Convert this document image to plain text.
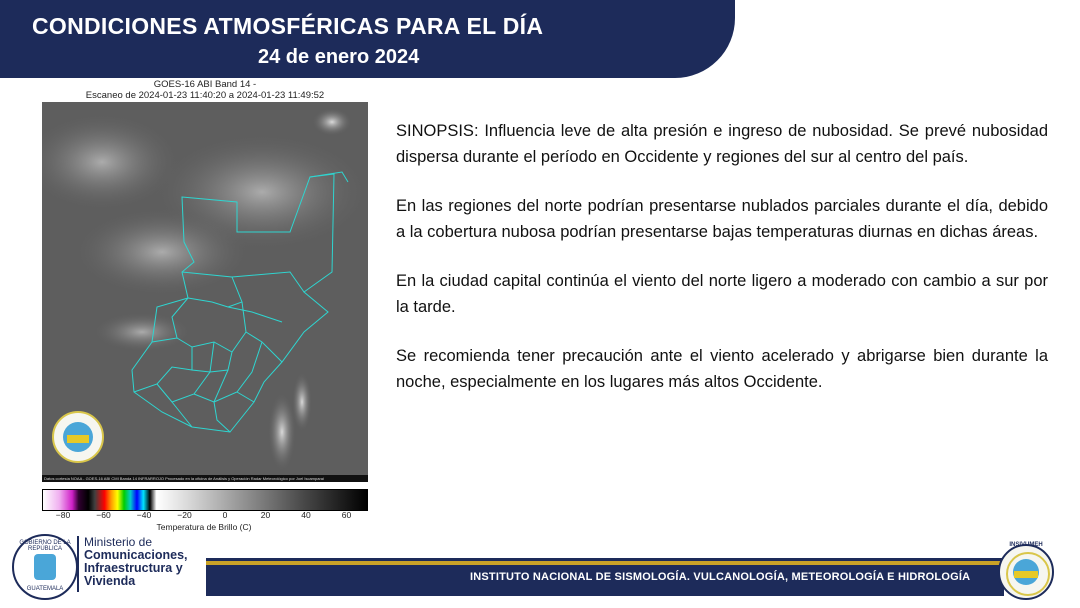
CONDICIONES ATMOSFÉRICAS PARA EL DÍA
24 de enero 2024
GOES-16 ABI Band 14 -
Escaneo de 2024-01-23 11:40:20 a 2024-01-23 11:49:52
Datos cortesía NOAA - GOES-16 ABI CMI Banda 14 INFRARROJO Procesado en la oficina de Análisis y Operación Radar Meteorológico por Joel Iscamparai
−80	−60	−40	−20	0	20	40	60
Temperatura de Brillo (C)

SINOPSIS: Influencia leve de alta presión e ingreso de nubosidad. Se prevé nubosidad dispersa durante el período en Occidente y regiones del sur al centro del país.

En las regiones del norte podrían presentarse nublados parciales durante el día, debido a la cobertura nubosa podrían presentarse bajas temperaturas diurnas en dichas áreas.

En la ciudad capital continúa el viento del norte ligero a moderado con cambio a sur por la tarde.

Se recomienda tener precaución ante el viento acelerado y abrigarse bien durante la noche, especialmente en los lugares más altos Occidente.

GOBIERNO DE LA REPÚBLICA
GUATEMALA
Ministerio de
Comunicaciones,
Infraestructura y
Vivienda	INSTITUTO NACIONAL DE SISMOLOGÍA. VULCANOLOGÍA, METEOROLOGÍA E HIDROLOGÍA
INSIVUMEH
